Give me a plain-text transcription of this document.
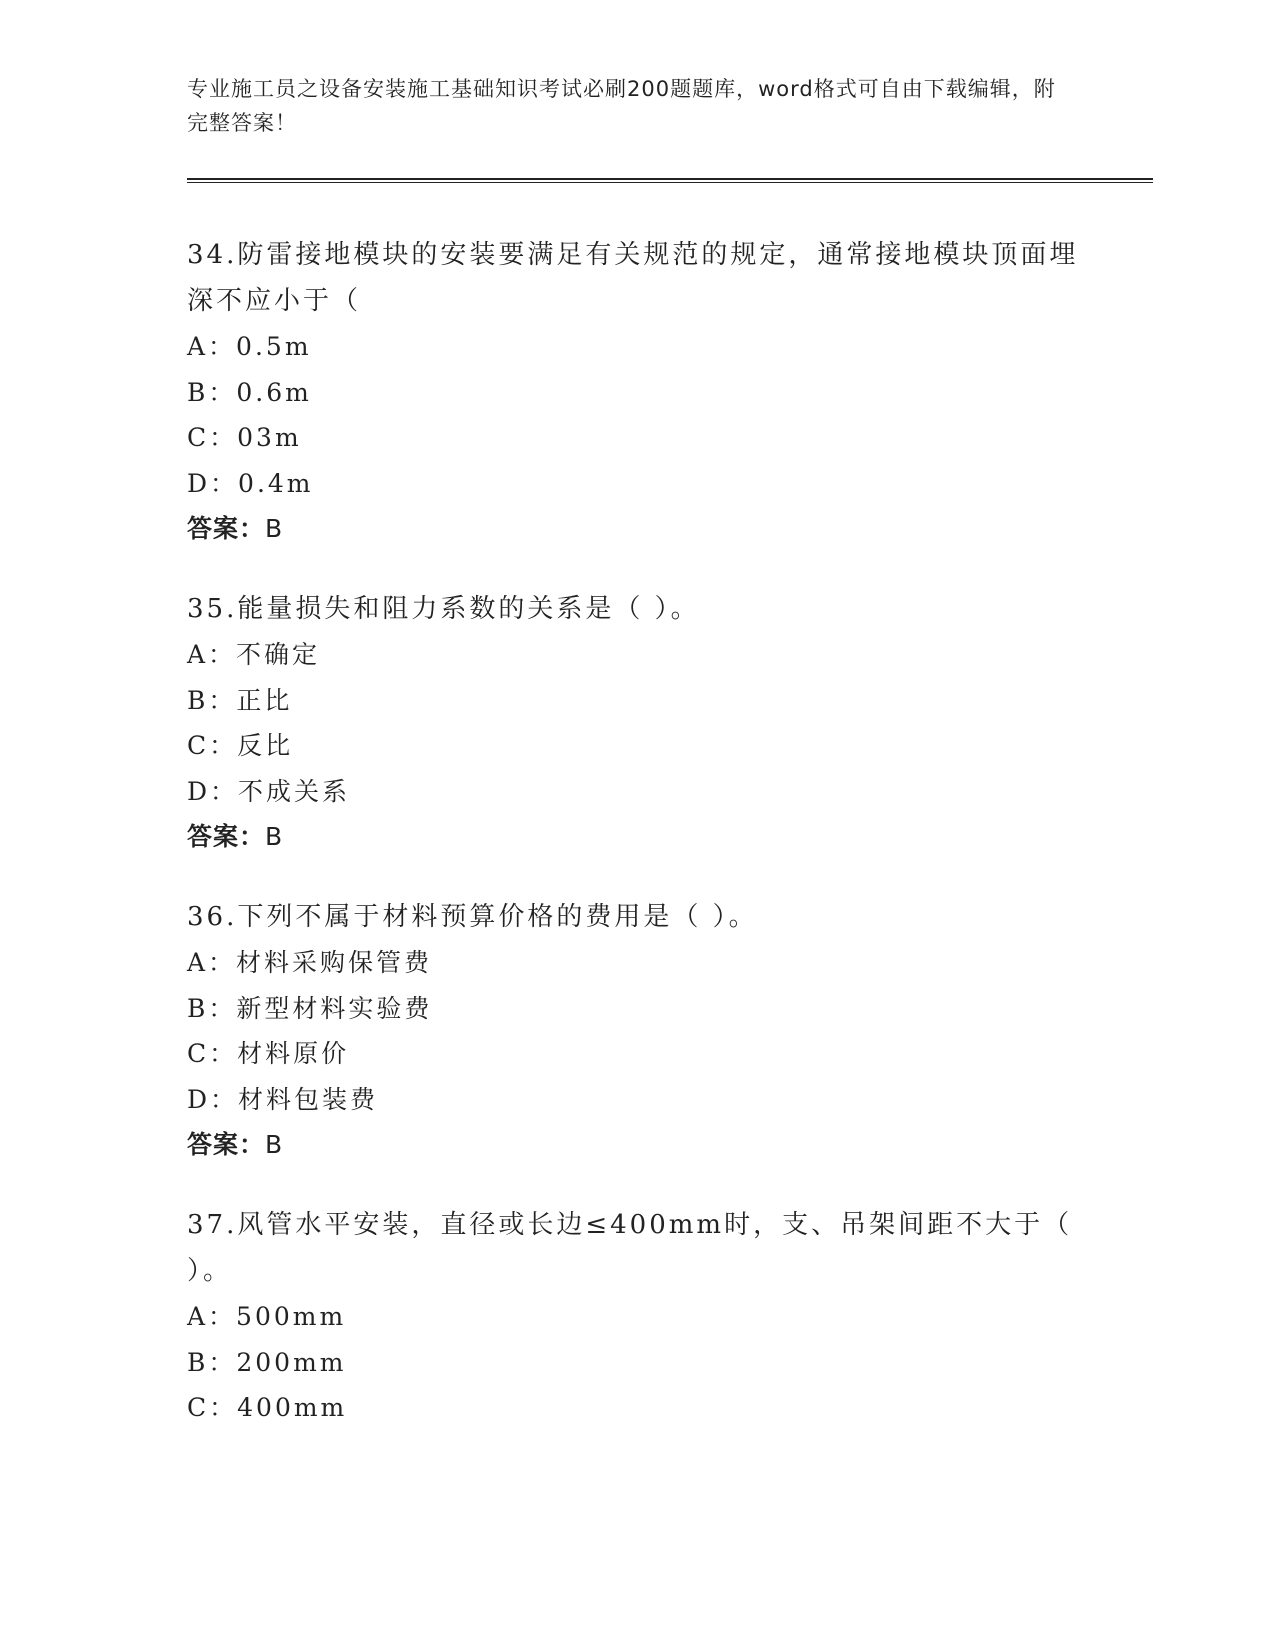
专业施工员之设备安装施工基础知识考试必刷200题题库，word格式可自由下载编辑，附完整答案！

34.防雷接地模块的安装要满足有关规范的规定，通常接地模块顶面埋深不应小于（

A：0.5m

B：0.6m

C：03m

D：0.4m

答案：B

35.能量损失和阻力系数的关系是（ ）。

A：不确定

B：正比

C：反比

D：不成关系

答案：B

36.下列不属于材料预算价格的费用是（ ）。

A：材料采购保管费

B：新型材料实验费

C：材料原价

D：材料包装费

答案：B

37.风管水平安装，直径或长边≤400mm时，支、吊架间距不大于（ ）。

A：500mm

B：200mm

C：400mm
